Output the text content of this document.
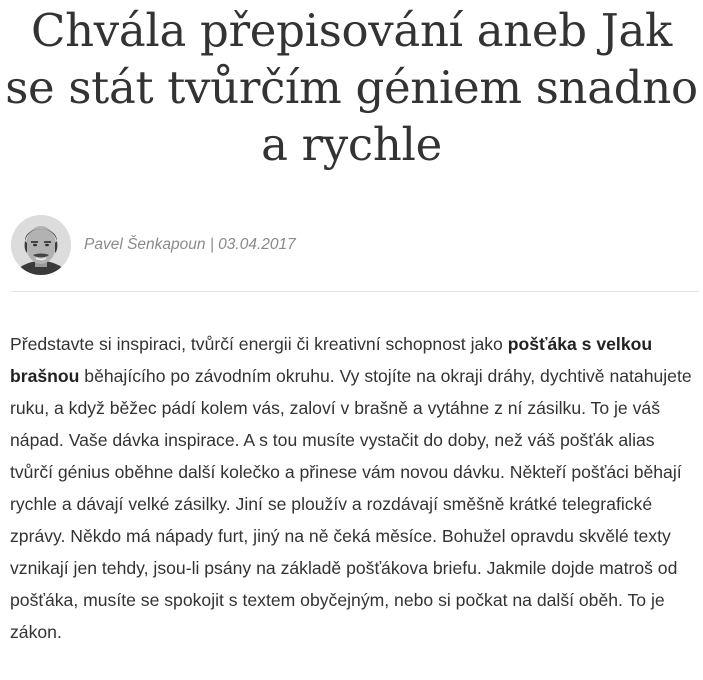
Chvála přepisování aneb Jak se stát tvůrčím géniem snadno a rychle
Pavel Šenkapoun | 03.04.2017

Představte si inspiraci, tvůrčí energii či kreativní schopnost jako pošťáka s velkou brašnou běhajícího po závodním okruhu. Vy stojíte na okraji dráhy, dychtivě natahujete ruku, a když běžec pádí kolem vás, zaloví v brašně a vytáhne z ní zásilku. To je váš nápad. Vaše dávka inspirace. A s tou musíte vystačit do doby, než váš pošťák alias tvůrčí génius oběhne další kolečko a přinese vám novou dávku. Někteří pošťáci běhají rychle a dávají velké zásilky. Jiní se ploužív a rozdávají směšně krátké telegrafické zprávy. Někdo má nápady furt, jiný na ně čeká měsíce. Bohužel opravdu skvělé texty vznikají jen tehdy, jsou-li psány na základě pošťákova briefu. Jakmile dojde matroš od pošťáka, musíte se spokojit s textem obyčejným, nebo si počkat na další oběh. To je zákon.
